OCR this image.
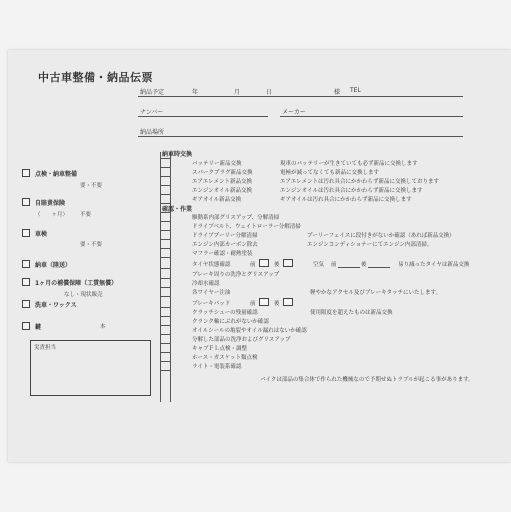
中古車整備・納品伝票
納品予定	年	月	日	様 TEL
ナンバー	メーカー
納品場所
点検・納車整備
要・不要
自賠責保険
（　　ヶ月） 不要
車検
要・不要
納車（陸送）
1ヶ月の補償保障（工賃無償）
なし・現状販売
洗車・ワックス
鍵	本
実責担当
納車時交換
バッテリー新品交換	現車のバッテリーが生きていても必ず新品に交換します
スパークプラグ新品交換	電極が減ってなくても新品に交換します
エアエレメント新品交換	エアエレメントは汚れ具合にかかわらず新品に交換しております
エンジンオイル新品交換	エンジンオイルは汚れ具合にかかわらず新品に交換します
ギアオイル新品交換	ギアオイルは汚れ具合にかかわらず新品に交換します
確認・作業
駆動系内部グリスアップ、分解清掃
ドライブベルト、ウェイトローラー分解清掃
ドライブプーリー分解清掃	プーリーフェイスに段付きがないか確認（あれば新品交換）
エンジン内部カーボン除去	エンジンコンディショナーにてエンジン内部清掃。
マフラー確認・耐熱塗装
タイヤ状態確認	前	後	空気 前	後	易り減ったタイヤは新品交換
ブレーキ周りの洗浄とグリスアップ
冷却水確認
各ワイヤー注油	軽やかなアクセル及びブレーキタッチにいたします。
ブレーキパッド	前	後
クラッチシューの残量確認	使用限度を超えたものは新品交換
クランク軸にぶれがないか確認
オイルシールの亀裂やオイル漏れはないか確認
分解した部品の洗浄およびグリスアップ
キャブＦＬ点検・調整
ホース・ガスケット類点検
ライト・電装系確認
バイクは部品の集合体で作られた機械なので予期せぬトラブルが起こる事があります。
